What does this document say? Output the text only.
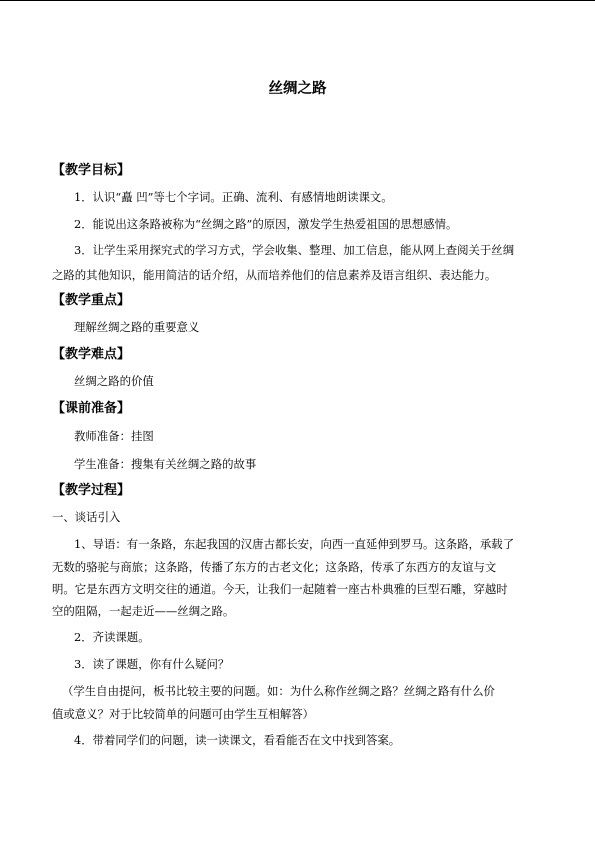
丝绸之路
【教学目标】
1．认识“矗 凹”等七个字词。正确、流利、有感情地朗读课文。
2．能说出这条路被称为“丝绸之路”的原因，激发学生热爱祖国的思想感情。
3．让学生采用探究式的学习方式，学会收集、整理、加工信息，能从网上查阅关于丝绸
之路的其他知识，能用简洁的话介绍，从而培养他们的信息素养及语言组织、表达能力。
【教学重点】
理解丝绸之路的重要意义
【教学难点】
丝绸之路的价值
【课前准备】
教师准备：挂图
学生准备：搜集有关丝绸之路的故事
【教学过程】
一、谈话引入
1、导语：有一条路，东起我国的汉唐古都长安，向西一直延伸到罗马。这条路，承载了
无数的骆驼与商旅；这条路，传播了东方的古老文化；这条路，传承了东西方的友谊与文
明。它是东西方文明交往的通道。今天，让我们一起随着一座古朴典雅的巨型石雕，穿越时
空的阻隔，一起走近——丝绸之路。
2．齐读课题。
3．读了课题，你有什么疑问？
（学生自由提问，板书比较主要的问题。如：为什么称作丝绸之路？丝绸之路有什么价
值或意义？对于比较简单的问题可由学生互相解答）
4．带着同学们的问题，读一读课文，看看能否在文中找到答案。
